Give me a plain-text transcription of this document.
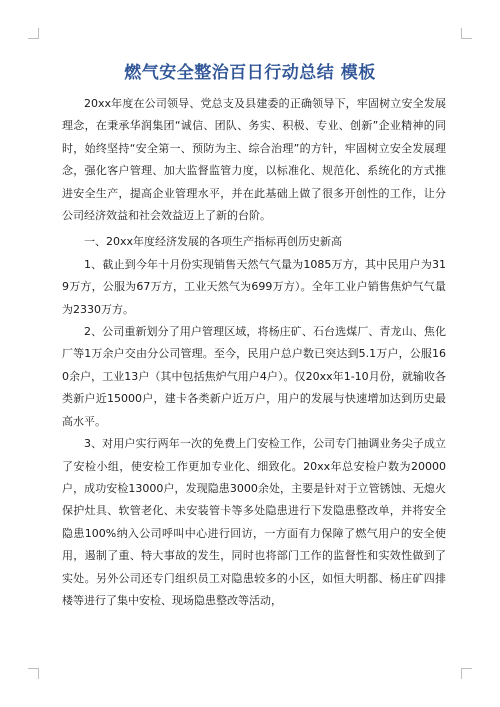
燃气安全整治百日行动总结 模板

20xx年度在公司领导、党总支及县建委的正确领导下，牢固树立安全发展理念，在秉承华润集团“诚信、团队、务实、积极、专业、创新”企业精神的同时，始终坚持“安全第一、预防为主、综合治理”的方针，牢固树立安全发展理念，强化客户管理、加大监督监管力度，以标准化、规范化、系统化的方式推进安全生产，提高企业管理水平，并在此基础上做了很多开创性的工作，让分公司经济效益和社会效益迈上了新的台阶。

一、20xx年度经济发展的各项生产指标再创历史新高

1、截止到今年十月份实现销售天然气气量为1085万方，其中民用户为319万方，公服为67万方，工业天然气为699万方）。全年工业户销售焦炉气气量为2330万方。

2、公司重新划分了用户管理区域，将杨庄矿、石台选煤厂、青龙山、焦化厂等1万余户交由分公司管理。至今，民用户总户数已突达到5.1万户，公服160余户，工业13户（其中包括焦炉气用户4户）。仅20xx年1-10月份，就输收各类新户近15000户，建卡各类新户近万户，用户的发展与快速增加达到历史最高水平。

3、对用户实行两年一次的免费上门安检工作，公司专门抽调业务尖子成立了安检小组，使安检工作更加专业化、细致化。20xx年总安检户数为20000户，成功安检13000户，发现隐患3000余处，主要是针对于立管锈蚀、无熄火保护灶具、软管老化、未安装管卡等多处隐患进行下发隐患整改单，并将安全隐患100%纳入公司呼叫中心进行回访，一方面有力保障了燃气用户的安全使用，遏制了重、特大事故的发生，同时也将部门工作的监督性和实效性做到了实处。另外公司还专门组织员工对隐患较多的小区，如恒大明都、杨庄矿四排楼等进行了集中安检、现场隐患整改等活动，
